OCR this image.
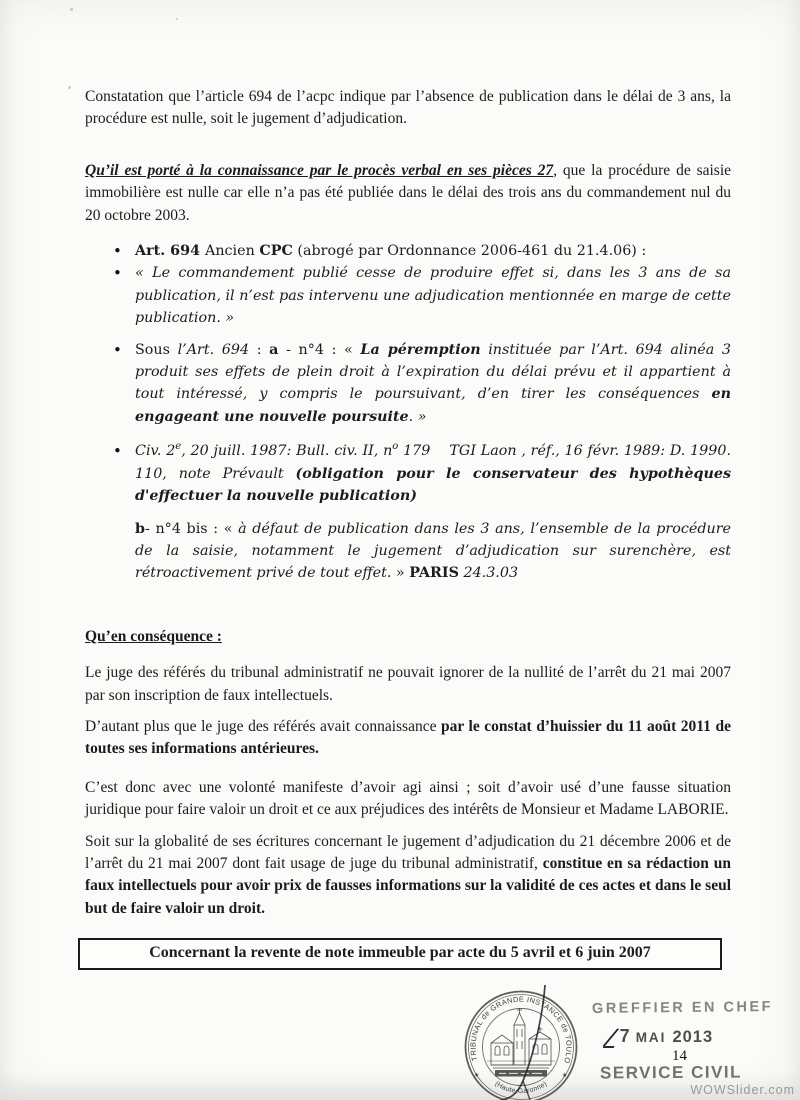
Constatation que l’article 694 de l’acpc indique par l’absence de publication dans le délai de 3 ans, la procédure est nulle, soit le jugement d’adjudication.

Qu’il est porté à la connaissance par le procès verbal en ses pièces 27, que la procédure de saisie immobilière est nulle car elle n’a pas été publiée dans le délai des trois ans du commandement nul du 20 octobre 2003.

• Art. 694 Ancien CPC (abrogé par Ordonnance 2006-461 du 21.4.06) :
• « Le commandement publié cesse de produire effet si, dans les 3 ans de sa publication, il n’est pas intervenu une adjudication mentionnée en marge de cette publication. »
• Sous l’Art. 694 : a - n°4 : « La péremption instituée par l’Art. 694 alinéa 3 produit ses effets de plein droit à l’expiration du délai prévu et il appartient à tout intéressé, y compris le poursuivant, d’en tirer les conséquences en engageant une nouvelle poursuite. »
• Civ. 2e, 20 juill. 1987: Bull. civ. II, $n^o$ 179    TGI Laon , réf., 16 févr. 1989: D. 1990. 110, note Prévault (obligation pour le conservateur des hypothèques d'effectuer la nouvelle publication)

b- n°4 bis : « à défaut de publication dans les 3 ans, l’ensemble de la procédure de la saisie, notamment le jugement d’adjudication sur surenchère, est rétroactivement privé de tout effet. » PARIS 24.3.03

Qu’en conséquence :

Le juge des référés du tribunal administratif ne pouvait ignorer de la nullité de l’arrêt du 21 mai 2007 par son inscription de faux intellectuels.

D’autant plus que le juge des référés avait connaissance par le constat d’huissier du 11 août 2011 de toutes ses informations antérieures.

C’est donc avec une volonté manifeste d’avoir agi ainsi ; soit d’avoir usé d’une fausse situation juridique pour faire valoir un droit et ce aux préjudices des intérêts de Monsieur et Madame LABORIE.

Soit sur la globalité de ses écritures concernant le jugement d’adjudication du 21 décembre 2006 et de l’arrêt du 21 mai 2007 dont fait usage de juge du tribunal administratif, constitue en sa rédaction un faux intellectuels pour avoir prix de fausses informations sur la validité de ces actes et dans le seul but de faire valoir un droit.

Concernant la revente de note immeuble par acte du 5 avril et 6 juin 2007
TRIBUNAL de GRANDE INSTANCE de TOULOUSE
(Haute-Garonne)
★	★
GREFFIER EN CHEF
/7 MAI 2013
14
SERVICE CIVIL
WOWSlider.com
